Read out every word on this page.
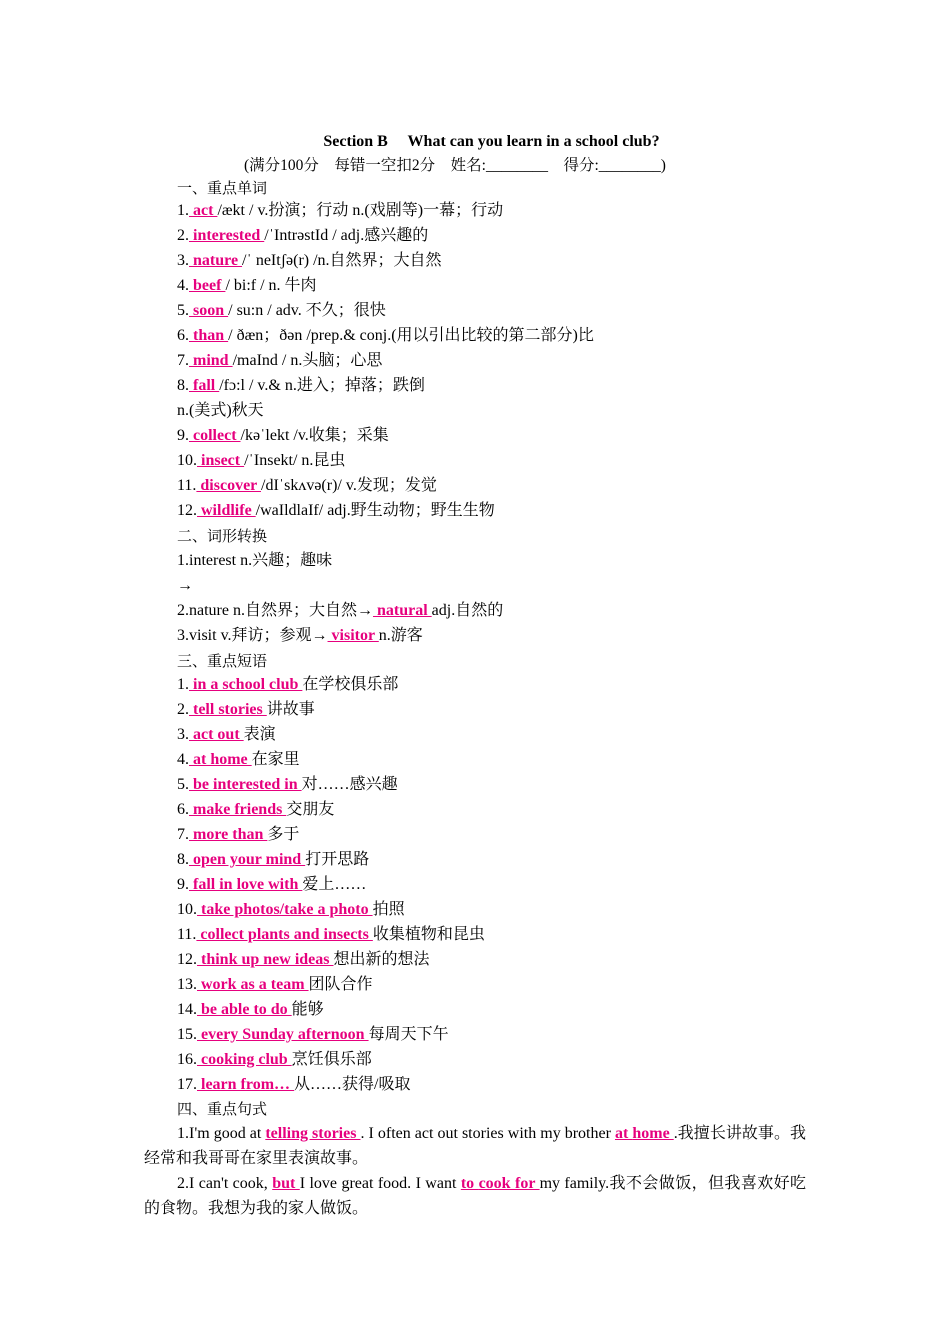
Section B　 What can you learn in a school club?
(满分100分　每错一空扣2分　姓名:________　得分:________)
一、重点单词
1. act /ækt / v.扮演；行动 n.(戏剧等)一幕；行动
2. interested /ˈIntrəstId / adj.感兴趣的
3. nature /ˈ neItʃə(r) /n.自然界；大自然
4. beef / bi:f / n. 牛肉
5. soon / su:n / adv. 不久；很快
6. than / ðæn；ðən /prep.& conj.(用以引出比较的第二部分)比
7. mind /maInd / n.头脑；心思
8. fall /fɔ:l / v.& n.进入；掉落；跌倒
n.(美式)秋天
9. collect /kəˈlekt /v.收集；采集
10. insect /ˈInsekt/ n.昆虫
11. discover /dIˈskʌvə(r)/ v.发现；发觉
12. wildlife /waIldlaIf/ adj.野生动物；野生生物
二、词形转换
1.interest n.兴趣；趣味
→
2.nature n.自然界；大自然→ natural adj.自然的
3.visit v.拜访；参观→ visitor n.游客
三、重点短语
1. in a school club 在学校俱乐部
2. tell stories 讲故事
3. act out 表演
4. at home 在家里
5. be interested in 对……感兴趣
6. make friends 交朋友
7. more than 多于
8. open your mind 打开思路
9. fall in love with 爱上……
10. take photos/take a photo 拍照
11. collect plants and insects 收集植物和昆虫
12. think up new ideas 想出新的想法
13. work as a team 团队合作
14. be able to do 能够
15. every Sunday afternoon 每周天下午
16. cooking club 烹饪俱乐部
17. learn from… 从……获得/吸取
四、重点句式

1.I'm good at telling stories . I often act out stories with my brother at home .我擅长讲故事。我经常和我哥哥在家里表演故事。

2.I can't cook, but I love great food. I want to cook for my family.我不会做饭，但我喜欢好吃的食物。我想为我的家人做饭。
